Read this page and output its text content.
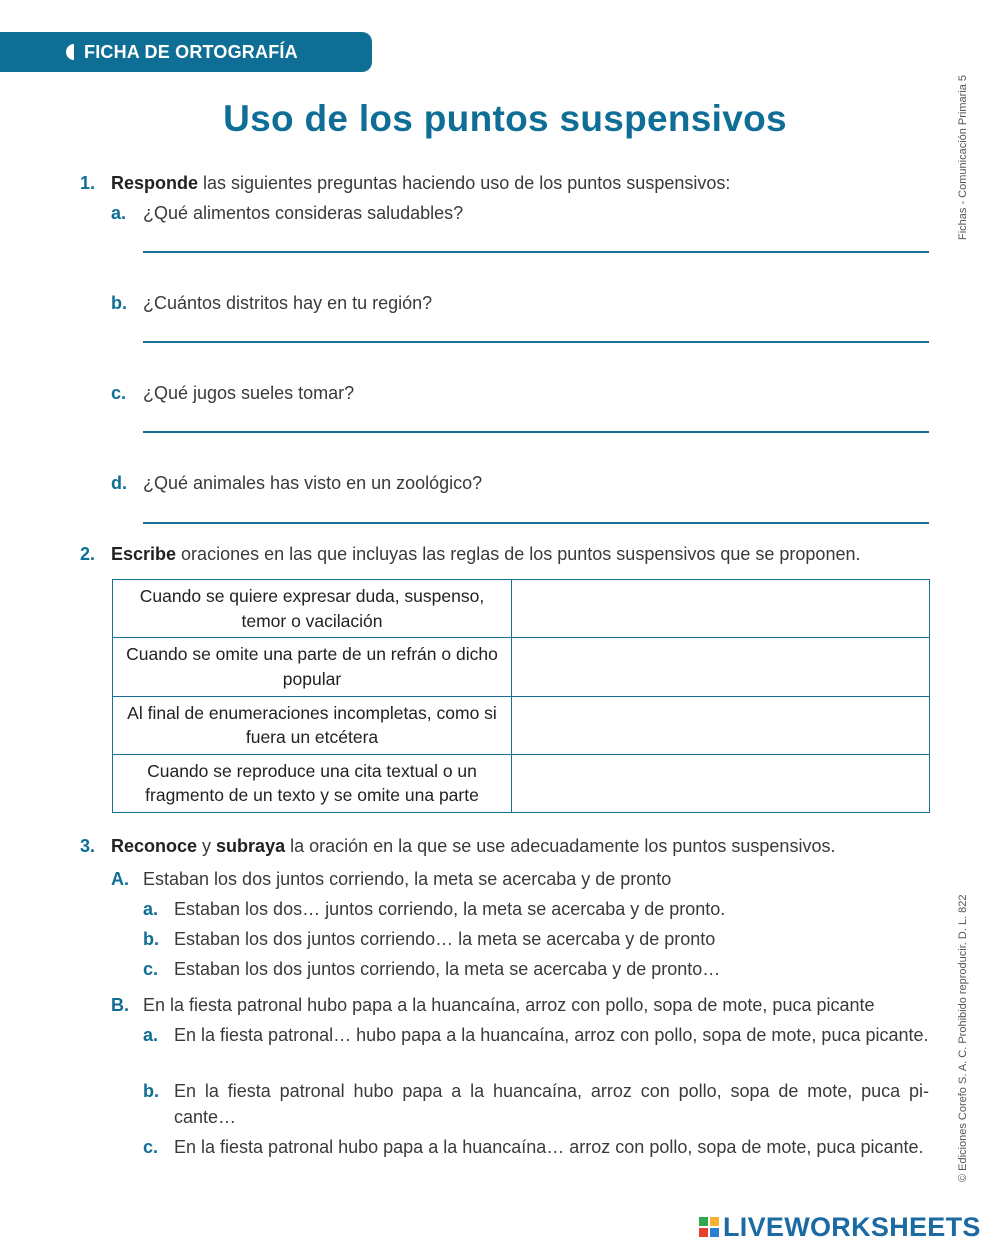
FICHA DE ORTOGRAFÍA
Fichas - Comunicación Primaria 5
© Ediciones Corefo S. A. C. Prohibido reproducir. D. L. 822
Uso de los puntos suspensivos
1. Responde las siguientes preguntas haciendo uso de los puntos suspensivos:
a. ¿Qué alimentos consideras saludables?
b. ¿Cuántos distritos hay en tu región?
c. ¿Qué jugos sueles tomar?
d. ¿Qué animales has visto en un zoológico?
2. Escribe oraciones en las que incluyas las reglas de los puntos suspensivos que se proponen.
Cuando se quiere expresar duda, suspenso, temor o vacilación	
Cuando se omite una parte de un refrán o dicho popular	
Al final de enumeraciones incompletas, como si fuera un etcétera	
Cuando se reproduce una cita textual o un fragmento de un texto y se omite una parte	
3. Reconoce y subraya la oración en la que se use adecuadamente los puntos suspensivos.
A. Estaban los dos juntos corriendo, la meta se acercaba y de pronto
a. Estaban los dos… juntos corriendo, la meta se acercaba y de pronto.
b. Estaban los dos juntos corriendo… la meta se acercaba y de pronto
c. Estaban los dos juntos corriendo, la meta se acercaba y de pronto…
B. En la fiesta patronal hubo papa a la huancaína, arroz con pollo, sopa de mote, puca picante
a. En la fiesta patronal… hubo papa a la huancaína, arroz con pollo, sopa de mote, puca picante.
b. En la fiesta patronal hubo papa a la huancaína, arroz con pollo, sopa de mote, puca pi-cante…
c. En la fiesta patronal hubo papa a la huancaína… arroz con pollo, sopa de mote, puca picante.
LIVEWORKSHEETS
